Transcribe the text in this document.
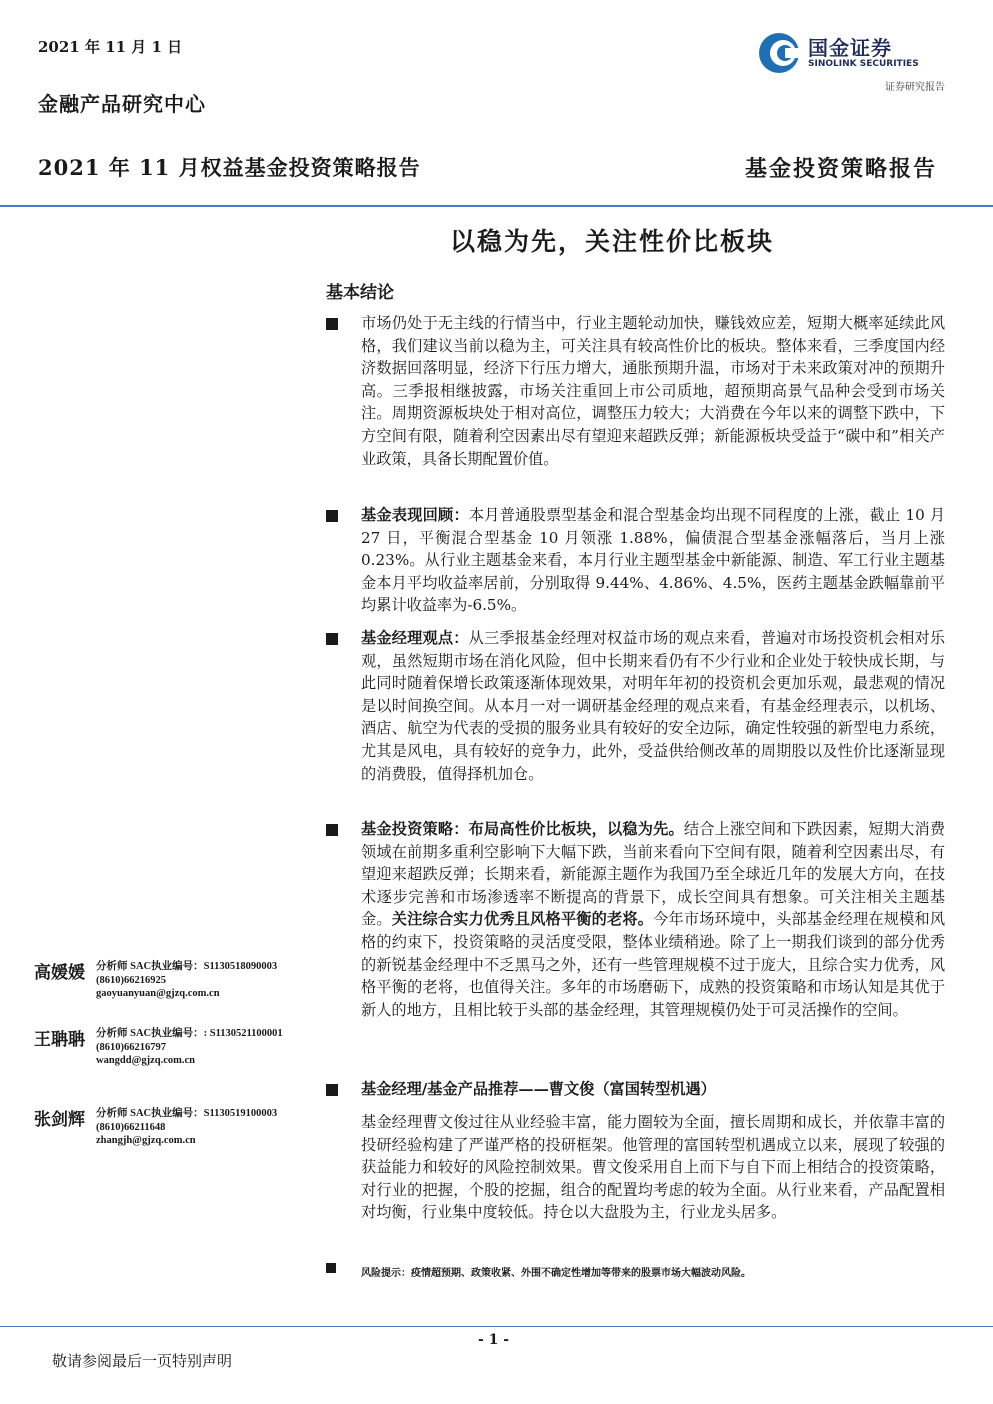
2021 年 11 月 1 日
金融产品研究中心
2021 年 11 月权益基金投资策略报告	基金投资策略报告
国金证券
SINOLINK SECURITIES
证券研究报告
以稳为先，关注性价比板块
基本结论
市场仍处于无主线的行情当中，行业主题轮动加快，赚钱效应差，短期大概率延续此风格，我们建议当前以稳为主，可关注具有较高性价比的板块。整体来看，三季度国内经济数据回落明显，经济下行压力增大，通胀预期升温，市场对于未来政策对冲的预期升高。三季报相继披露，市场关注重回上市公司质地，超预期高景气品种会受到市场关注。周期资源板块处于相对高位，调整压力较大；大消费在今年以来的调整下跌中，下方空间有限，随着利空因素出尽有望迎来超跌反弹；新能源板块受益于“碳中和”相关产业政策，具备长期配置价值。
基金表现回顾：本月普通股票型基金和混合型基金均出现不同程度的上涨，截止 10 月 27 日，平衡混合型基金 10 月领涨 1.88%，偏债混合型基金涨幅落后，当月上涨 0.23%。从行业主题基金来看，本月行业主题型基金中新能源、制造、军工行业主题基金本月平均收益率居前，分别取得 9.44%、4.86%、4.5%，医药主题基金跌幅靠前平均累计收益率为-6.5%。
基金经理观点：从三季报基金经理对权益市场的观点来看，普遍对市场投资机会相对乐观，虽然短期市场在消化风险，但中长期来看仍有不少行业和企业处于较快成长期，与此同时随着保增长政策逐渐体现效果，对明年年初的投资机会更加乐观，最悲观的情况是以时间换空间。从本月一对一调研基金经理的观点来看，有基金经理表示，以机场、酒店、航空为代表的受损的服务业具有较好的安全边际，确定性较强的新型电力系统，尤其是风电，具有较好的竞争力，此外，受益供给侧改革的周期股以及性价比逐渐显现的消费股，值得择机加仓。
基金投资策略：布局高性价比板块，以稳为先。结合上涨空间和下跌因素，短期大消费领域在前期多重利空影响下大幅下跌，当前来看向下空间有限，随着利空因素出尽，有望迎来超跌反弹；长期来看，新能源主题作为我国乃至全球近几年的发展大方向，在技术逐步完善和市场渗透率不断提高的背景下，成长空间具有想象。可关注相关主题基金。关注综合实力优秀且风格平衡的老将。今年市场环境中，头部基金经理在规模和风格的约束下，投资策略的灵活度受限，整体业绩稍逊。除了上一期我们谈到的部分优秀的新锐基金经理中不乏黑马之外，还有一些管理规模不过于庞大，且综合实力优秀，风格平衡的老将，也值得关注。多年的市场磨砺下，成熟的投资策略和市场认知是其优于新人的地方，且相比较于头部的基金经理，其管理规模仍处于可灵活操作的空间。
基金经理/基金产品推荐——曹文俊（富国转型机遇）
基金经理曹文俊过往从业经验丰富，能力圈较为全面，擅长周期和成长，并依靠丰富的投研经验构建了严谨严格的投研框架。他管理的富国转型机遇成立以来，展现了较强的获益能力和较好的风险控制效果。曹文俊采用自上而下与自下而上相结合的投资策略，对行业的把握，个股的挖掘，组合的配置均考虑的较为全面。从行业来看，产品配置相对均衡，行业集中度较低。持仓以大盘股为主，行业龙头居多。
风险提示：疫情超预期、政策收紧、外围不确定性增加等带来的股票市场大幅波动风险。
高媛媛 分析师 SAC执业编号：S1130518090003
(8610)66216925
gaoyuanyuan@gjzq.com.cn
王聃聃 分析师 SAC执业编号：: S1130521100001
(8610)66216797
wangdd@gjzq.com.cn
张剑辉 分析师 SAC执业编号：S1130519100003
(8610)66211648
zhangjh@gjzq.com.cn
- 1 -
敬请参阅最后一页特别声明
